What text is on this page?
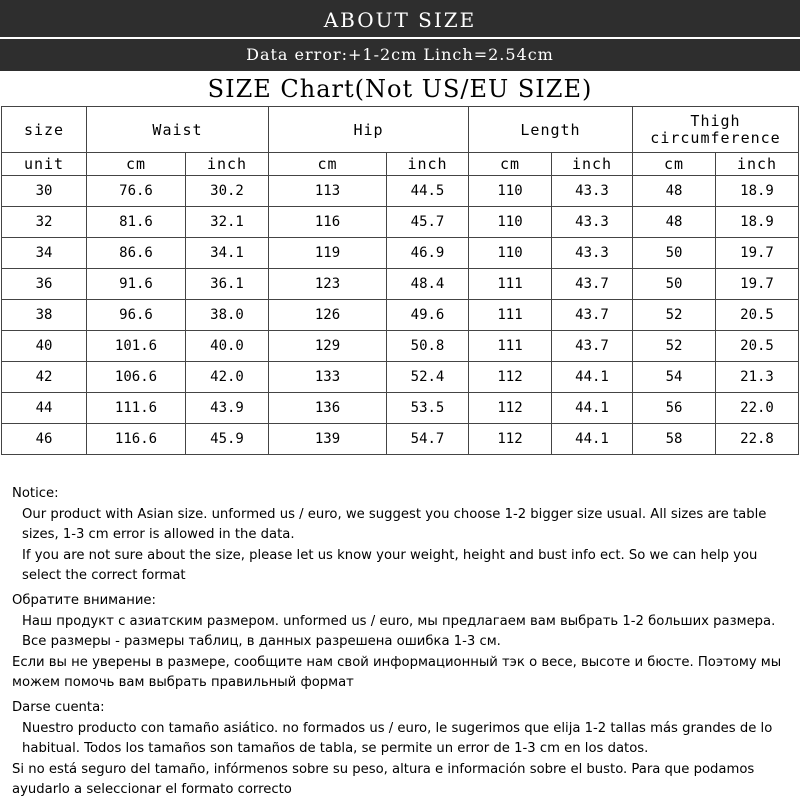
ABOUT SIZE
Data error:+1-2cm Linch=2.54cm
SIZE Chart(Not US/EU SIZE)
size	Waist		Hip		Length		Thigh
circumference	
unit	cm	inch	cm	inch	cm	inch	cm	inch
30	76.6	30.2	113	44.5	110	43.3	48	18.9
32	81.6	32.1	116	45.7	110	43.3	48	18.9
34	86.6	34.1	119	46.9	110	43.3	50	19.7
36	91.6	36.1	123	48.4	111	43.7	50	19.7
38	96.6	38.0	126	49.6	111	43.7	52	20.5
40	101.6	40.0	129	50.8	111	43.7	52	20.5
42	106.6	42.0	133	52.4	112	44.1	54	21.3
44	111.6	43.9	136	53.5	112	44.1	56	22.0
46	116.6	45.9	139	54.7	112	44.1	58	22.8

Notice:

Our product with Asian size. unformed us / euro, we suggest you choose 1-2 bigger size usual. All sizes are table sizes, 1-3 cm error is allowed in the data.

If you are not sure about the size, please let us know your weight, height and bust info ect. So we can help you select the correct format

Обратите внимание:

Наш продукт с азиатским размером. unformed us / euro, мы предлагаем вам выбрать 1-2 больших размера. Все размеры - размеры таблиц, в данных разрешена ошибка 1-3 см.

Если вы не уверены в размере, сообщите нам свой информационный тэк о весе, высоте и бюсте. Поэтому мы можем помочь вам выбрать правильный формат

Darse cuenta:

Nuestro producto con tamaño asiático. no formados us / euro, le sugerimos que elija 1-2 tallas más grandes de lo habitual. Todos los tamaños son tamaños de tabla, se permite un error de 1-3 cm en los datos.

Si no está seguro del tamaño, infórmenos sobre su peso, altura e información sobre el busto. Para que podamos ayudarlo a seleccionar el formato correcto
